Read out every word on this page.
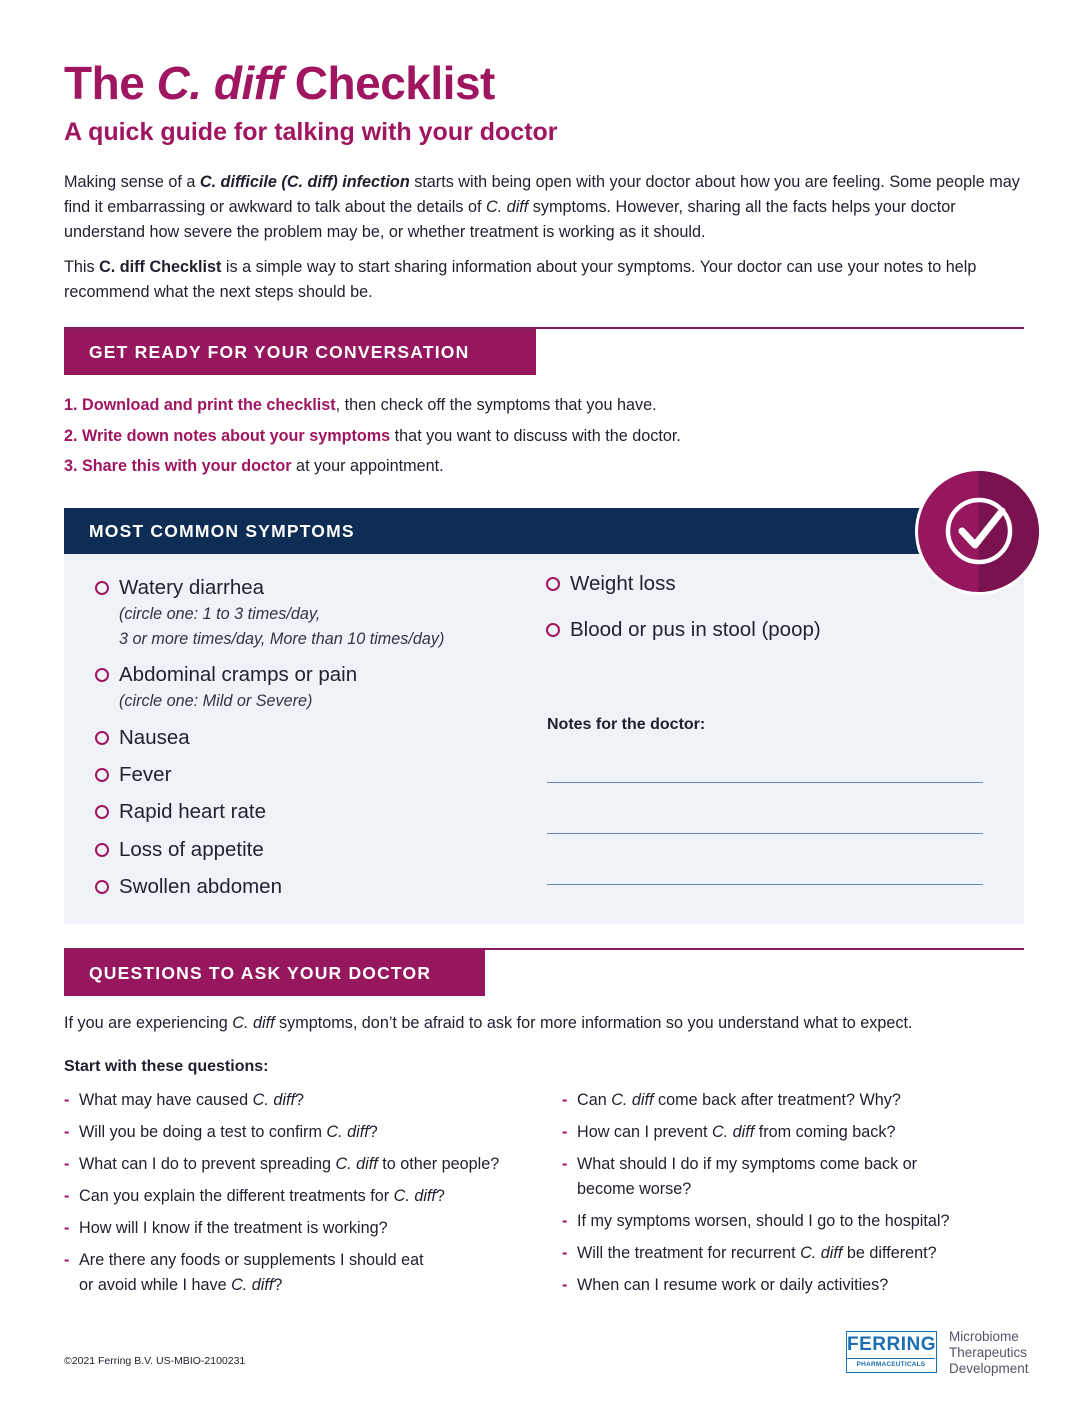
The C. diff Checklist
A quick guide for talking with your doctor
Making sense of a C. difficile (C. diff) infection starts with being open with your doctor about how you are feeling. Some people may find it embarrassing or awkward to talk about the details of C. diff symptoms. However, sharing all the facts helps your doctor understand how severe the problem may be, or whether treatment is working as it should.
This C. diff Checklist is a simple way to start sharing information about your symptoms. Your doctor can use your notes to help recommend what the next steps should be.
GET READY FOR YOUR CONVERSATION
1. Download and print the checklist, then check off the symptoms that you have.
2. Write down notes about your symptoms that you want to discuss with the doctor.
3. Share this with your doctor at your appointment.
MOST COMMON SYMPTOMS
Watery diarrhea
(circle one: 1 to 3 times/day,
3 or more times/day, More than 10 times/day)
Abdominal cramps or pain
(circle one: Mild or Severe)
Nausea
Fever
Rapid heart rate
Loss of appetite
Swollen abdomen
Weight loss
Blood or pus in stool (poop)
Notes for the doctor:
QUESTIONS TO ASK YOUR DOCTOR
If you are experiencing C. diff symptoms, don’t be afraid to ask for more information so you understand what to expect.
Start with these questions:
- What may have caused C. diff?
- Will you be doing a test to confirm C. diff?
- What can I do to prevent spreading C. diff to other people?
- Can you explain the different treatments for C. diff?
- How will I know if the treatment is working?
- Are there any foods or supplements I should eat
or avoid while I have C. diff?
- Can C. diff come back after treatment? Why?
- How can I prevent C. diff from coming back?
- What should I do if my symptoms come back or
become worse?
- If my symptoms worsen, should I go to the hospital?
- Will the treatment for recurrent C. diff be different?
- When can I resume work or daily activities?
©2021 Ferring B.V. US-MBIO-2100231
FERRING
PHARMACEUTICALS
Microbiome
Therapeutics
Development
